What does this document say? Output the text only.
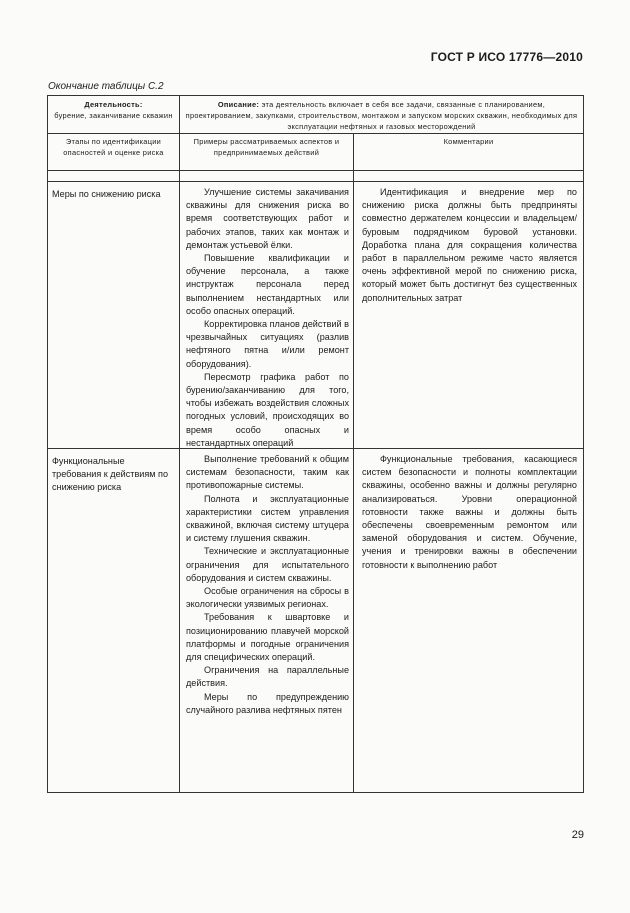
ГОСТ Р ИСО 17776—2010
Окончание таблицы С.2
Деятельность:
бурение, заканчивание скважин
Описание: эта деятельность включает в себя все задачи, связанные с планированием, проектированием, закупками, строительством, монтажом и запуском морских скважин, необходимых для эксплуатации нефтяных и газовых месторождений
Этапы по идентификации опасностей и оценке риска
Примеры рассматриваемых аспектов и предпринимаемых действий
Комментарии
Меры по снижению риска	Улучшение системы закачивания скважины для снижения риска во время соответствующих работ и рабочих этапов, таких как монтаж и демонтаж устьевой ёлки.

Повышение квалификации и обучение персонала, а также инструктаж персонала перед выполнением нестандартных или особо опасных операций.

Корректировка планов действий в чрезвычайных ситуациях (разлив нефтяного пятна и/или ремонт оборудования).

Пересмотр графика работ по бурению/заканчиванию для того, чтобы избежать воздействия сложных погодных условий, происходящих во время особо опасных и нестандартных операций

Идентификация и внедрение мер по снижению риска должны быть предприняты совместно держателем концессии и владельцем/буровым подрядчиком буровой установки. Доработка плана для сокращения количества работ в параллельном режиме часто является очень эффективной мерой по снижению риска, который может быть достигнут без существенных дополнительных затрат

Функциональные требования к действиям по снижению риска

Выполнение требований к общим системам безопасности, таким как противопожарные системы.

Полнота и эксплуатационные характеристики систем управления скважиной, включая систему штуцера и систему глушения скважин.

Технические и эксплуатационные ограничения для испытательного оборудования и систем скважины.

Особые ограничения на сбросы в экологически уязвимых регионах.

Требования к швартовке и позиционированию плавучей морской платформы и погодные ограничения для специфических операций.

Ограничения на параллельные действия.

Меры по предупреждению случайного разлива нефтяных пятен

Функциональные требования, касающиеся систем безопасности и полноты комплектации скважины, особенно важны и должны регулярно анализироваться. Уровни операционной готовности также важны и должны быть обеспечены своевременным ремонтом или заменой оборудования и систем. Обучение, учения и тренировки важны в обеспечении готовности к выполнению работ

29
